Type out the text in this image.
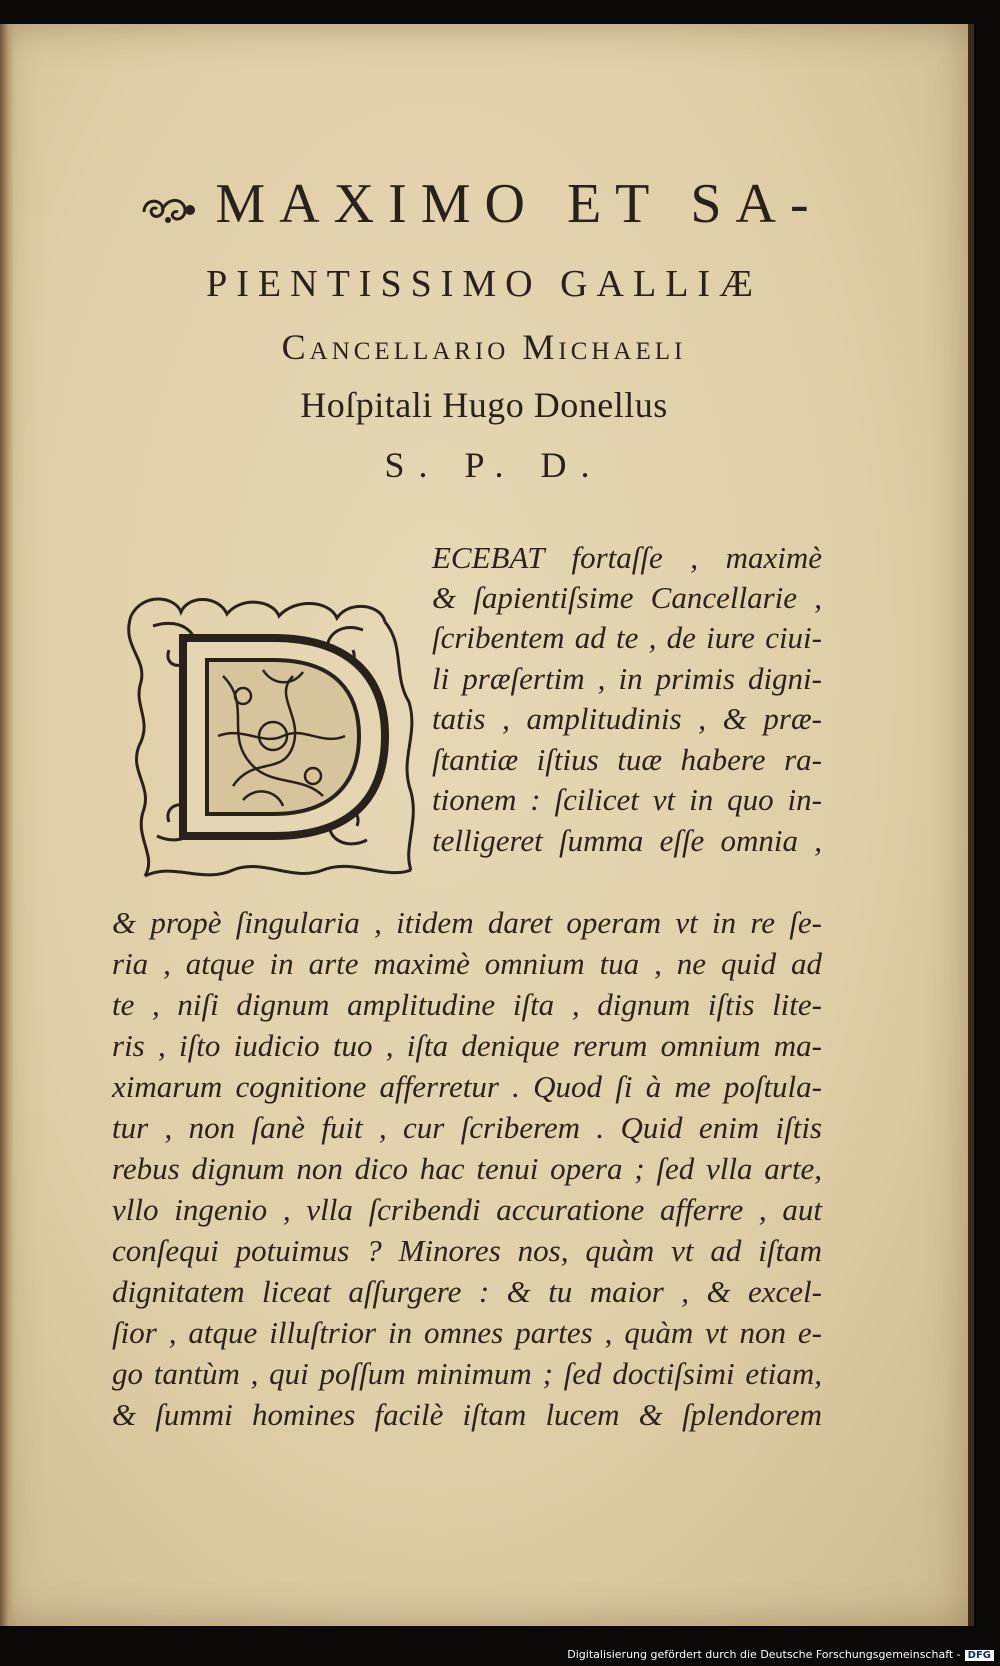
MAXIMO ET SA-
PIENTISSIMO GALLIÆ
Cancellario Michaeli
Hoſpitali Hugo Donellus
S. P. D.
ECEBAT fortaſſe , maximè
& ſapientiſsime Cancellarie ,
ſcribentem ad te , de iure ciui-
li præſertim , in primis digni-
tatis , amplitudinis , & præ-
ſtantiæ iſtius tuæ habere ra-
tionem : ſcilicet vt in quo in-
telligeret ſumma eſſe omnia ,
& propè ſingularia , itidem daret operam vt in re ſe-
ria , atque in arte maximè omnium tua , ne quid ad
te , niſi dignum amplitudine iſta , dignum iſtis lite-
ris , iſto iudicio tuo , iſta denique rerum omnium ma-
ximarum cognitione afferretur . Quod ſi à me poſtula-
tur , non ſanè fuit , cur ſcriberem . Quid enim iſtis
rebus dignum non dico hac tenui opera ; ſed vlla arte,
vllo ingenio , vlla ſcribendi accuratione afferre , aut
conſequi potuimus ? Minores nos, quàm vt ad iſtam
dignitatem liceat aſſurgere : & tu maior , & excel-
ſior , atque illuſtrior in omnes partes , quàm vt non e-
go tantùm , qui poſſum minimum ; ſed doctiſsimi etiam,
& ſummi homines facilè iſtam lucem & ſplendorem
Digitalisierung gefördert durch die Deutsche Forschungsgemeinschaft - DFG
